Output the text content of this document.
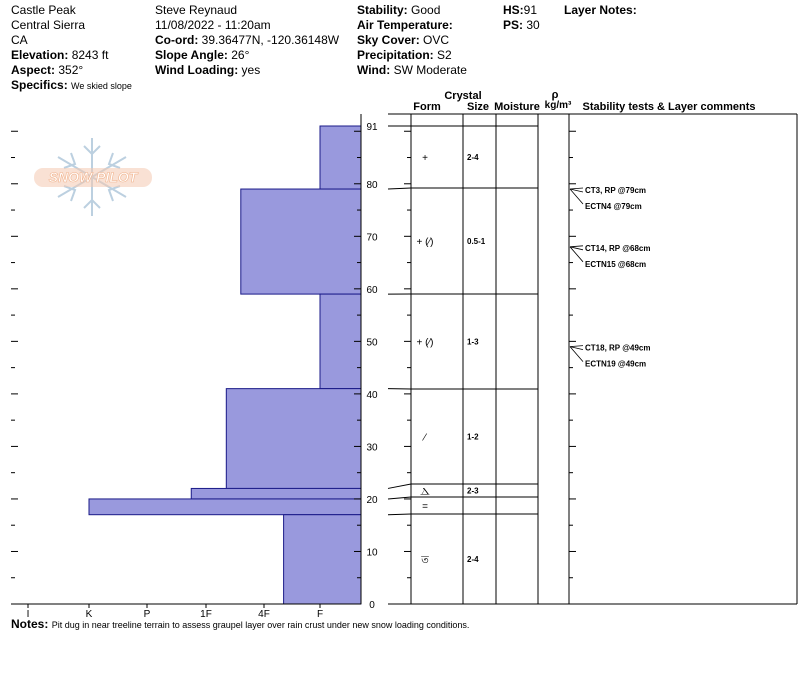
Castle Peak
Central Sierra
CA
Elevation: 8243 ft
Aspect: 352°
Specifics: We skied slope
Steve Reynaud
11/08/2022 - 11:20am
Co-ord: 39.36477N, -120.36148W
Slope Angle: 26°
Wind Loading: yes
Stability: Good
Air Temperature:
Sky Cover: OVC
Precipitation: S2
Wind: SW Moderate
HS:91
PS: 30
Layer Notes:
SNOW PILOT
I	K	P	1F	4F	F
0
10
20
30
40
50
60
70
80
91
+	2-4
+ (⁄)	0.5-1
+ (⁄)	1-3
⁄	1-2
Ⲇ	2-3
=
ত	2-4
CT3, RP @79cm
ECTN4 @79cm
CT14, RP @68cm
ECTN15 @68cm
CT18, RP @49cm
ECTN19 @49cm
Crystal
Form Size Moisture
ρ
kg/m³ Stability tests & Layer comments
Notes: Pit dug in near treeline terrain to assess graupel layer over rain crust under new snow loading conditions.
